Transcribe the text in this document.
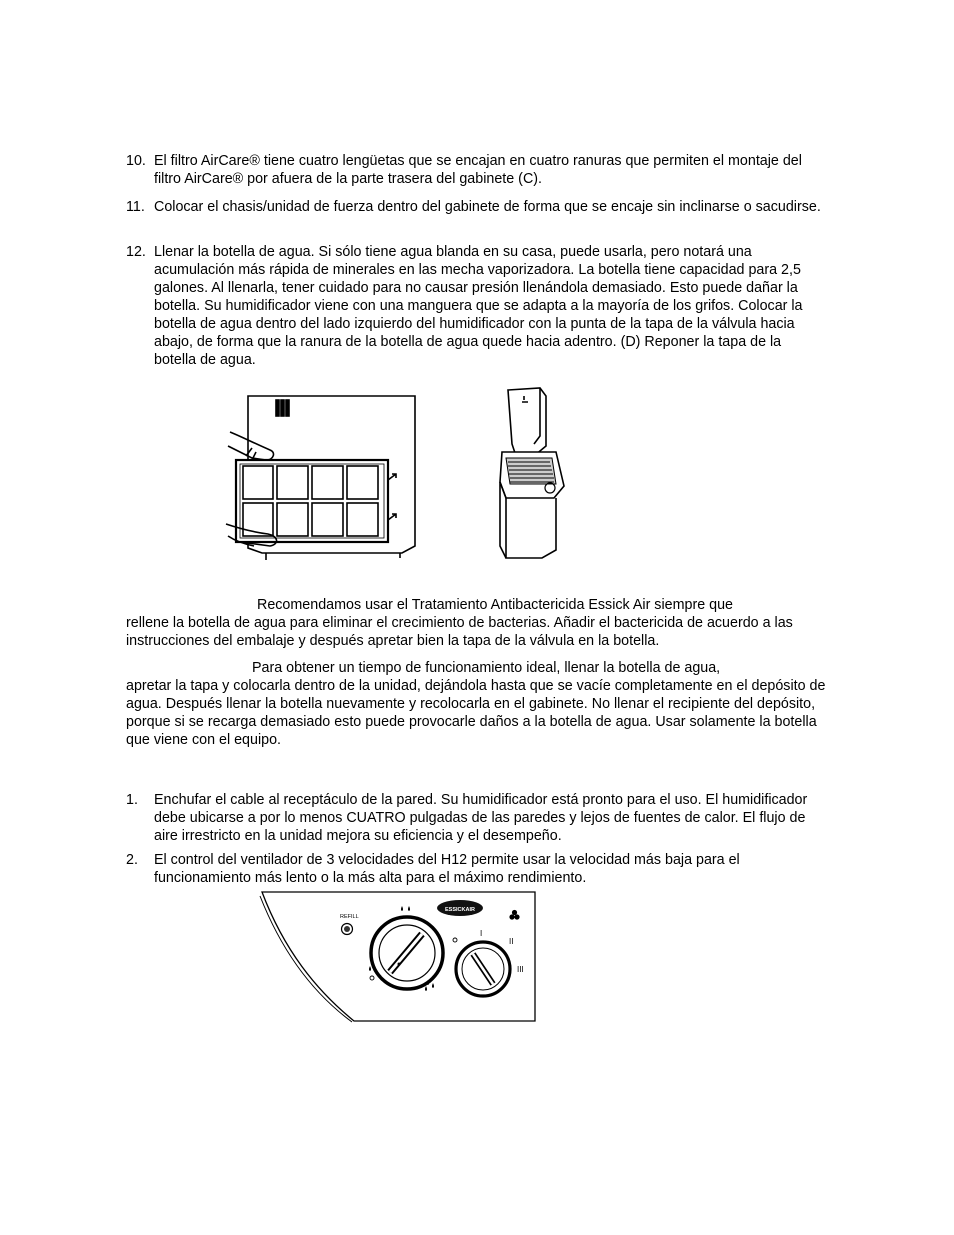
10. El filtro AirCare® tiene cuatro lengüetas que se encajan en cuatro ranuras que permiten el montaje del filtro AirCare® por afuera de la parte trasera del gabinete (C).
11. Colocar el chasis/unidad de fuerza dentro del gabinete de forma que se encaje sin inclinarse o sacudirse.
12. Llenar la botella de agua. Si sólo tiene agua blanda en su casa, puede usarla, pero notará una acumulación más rápida de minerales en las mecha vaporizadora. La botella tiene capacidad para 2,5 galones. Al llenarla, tener cuidado para no causar presión llenándola demasiado. Esto puede dañar la botella. Su humidificador viene con una manguera que se adapta a la mayoría de los grifos. Colocar la botella de agua dentro del lado izquierdo del humidificador con la punta de la tapa de la válvula hacia abajo, de forma que la ranura de la botella de agua quede hacia adentro. (D) Reponer la tapa de la botella de agua.
Recomendamos usar el Tratamiento Antibactericida Essick Air siempre que
rellene la botella de agua para eliminar el crecimiento de bacterias. Añadir el bactericida de acuerdo a las instrucciones del embalaje y después apretar bien la tapa de la válvula en la botella.
Para obtener un tiempo de funcionamiento ideal, llenar la botella de agua,
apretar la tapa y colocarla dentro de la unidad, dejándola hasta que se vacíe completamente en el depósito de agua. Después llenar la botella nuevamente y recolocarla en el gabinete. No llenar el recipiente del depósito, porque si se recarga demasiado esto puede provocarle daños a la botella de agua. Usar solamente la botella que viene con el equipo.
1.	Enchufar el cable al receptáculo de la pared. Su humidificador está pronto para el uso. El humidificador debe ubicarse a por lo menos CUATRO pulgadas de las paredes y lejos de fuentes de calor. El flujo de aire irrestricto en la unidad mejora su eficiencia y el desempeño.
2.	El control del ventilador de 3 velocidades del H12 permite usar la velocidad más baja para el funcionamiento más lento o la más alta para el máximo rendimiento.
REFILL
ESSICKAIR
I
II
III
